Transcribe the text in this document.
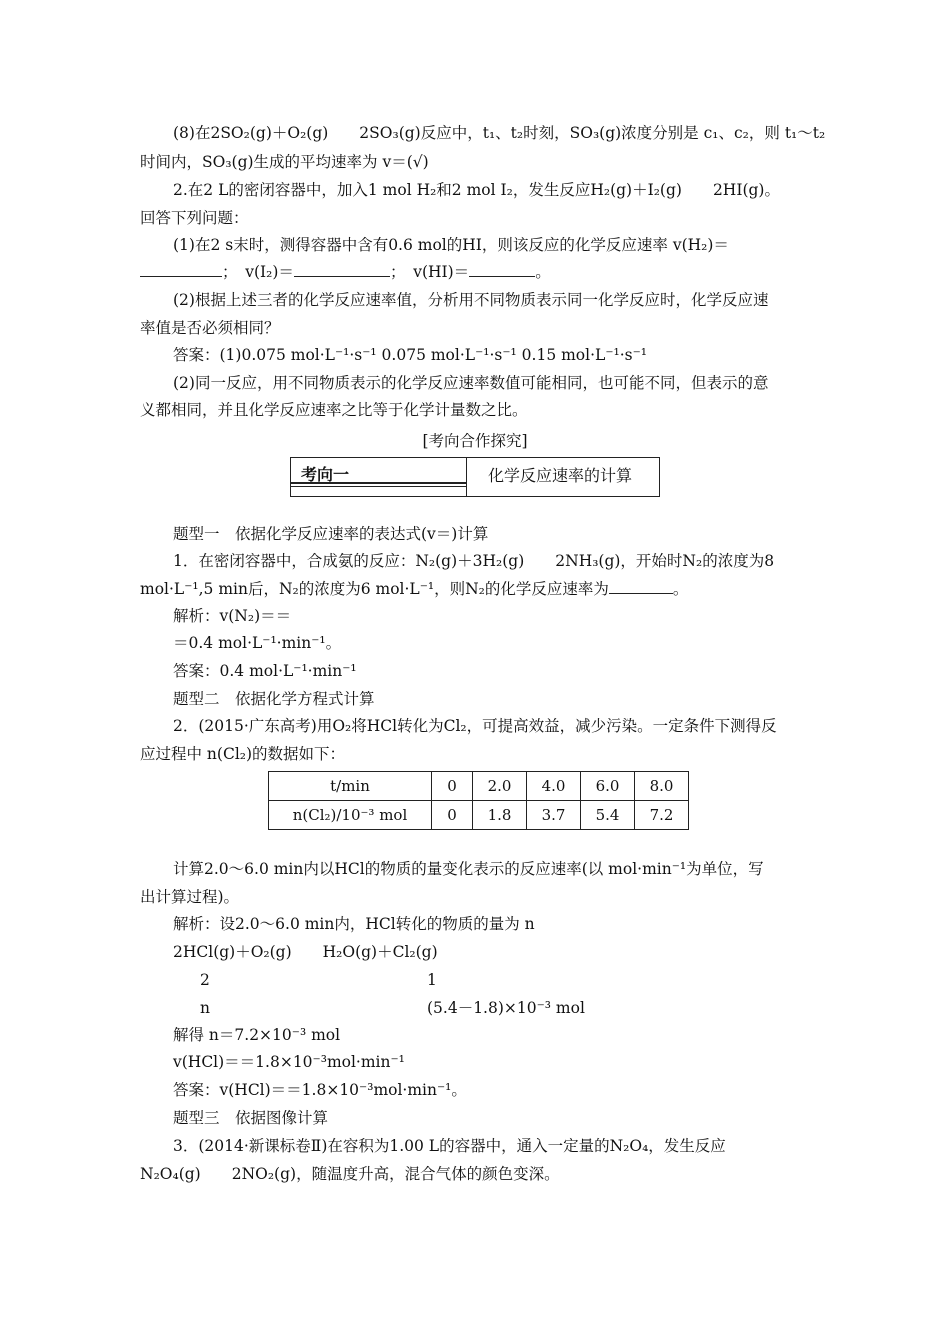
(8)在2SO₂(g)＋O₂(g)　　2SO₃(g)反应中，t₁、t₂时刻，SO₃(g)浓度分别是 c₁、c₂，则 t₁～t₂
时间内，SO₃(g)生成的平均速率为 v＝(√)
2.在2 L的密闭容器中，加入1 mol H₂和2 mol I₂，发生反应H₂(g)＋I₂(g)　　2HI(g)。
回答下列问题：
(1)在2 s末时，测得容器中含有0.6 mol的HI，则该反应的化学反应速率 v(H₂)＝
；　v(I₂)＝	；　v(HI)＝	。
(2)根据上述三者的化学反应速率值，分析用不同物质表示同一化学反应时，化学反应速
率值是否必须相同？
答案：(1)0.075 mol·L⁻¹·s⁻¹ 0.075 mol·L⁻¹·s⁻¹ 0.15 mol·L⁻¹·s⁻¹
(2)同一反应，用不同物质表示的化学反应速率数值可能相同，也可能不同，但表示的意
义都相同，并且化学反应速率之比等于化学计量数之比。
[考向合作探究]
考向一	化学反应速率的计算
题型一　依据化学反应速率的表达式(v＝)计算
1．在密闭容器中，合成氨的反应：N₂(g)＋3H₂(g)　　2NH₃(g)，开始时N₂的浓度为8
mol·L⁻¹,5 min后，N₂的浓度为6 mol·L⁻¹，则N₂的化学反应速率为	。
解析：v(N₂)＝＝
＝0.4 mol·L⁻¹·min⁻¹。
答案：0.4 mol·L⁻¹·min⁻¹
题型二　依据化学方程式计算
2．(2015·广东高考)用O₂将HCl转化为Cl₂，可提高效益，减少污染。一定条件下测得反
应过程中 n(Cl₂)的数据如下：
t/min	0	2.0	4.0	6.0	8.0
n(Cl₂)/10⁻³ mol	0	1.8	3.7	5.4	7.2
计算2.0～6.0 min内以HCl的物质的量变化表示的反应速率(以 mol·min⁻¹为单位，写
出计算过程)。
解析：设2.0～6.0 min内，HCl转化的物质的量为 n
2HCl(g)＋O₂(g)　　H₂O(g)＋Cl₂(g)
2	1
n	(5.4－1.8)×10⁻³ mol
解得 n＝7.2×10⁻³ mol
v(HCl)＝＝1.8×10⁻³mol·min⁻¹
答案：v(HCl)＝＝1.8×10⁻³mol·min⁻¹。
题型三　依据图像计算
3．(2014·新课标卷Ⅱ)在容积为1.00 L的容器中，通入一定量的N₂O₄，发生反应
N₂O₄(g)　　2NO₂(g)，随温度升高，混合气体的颜色变深。
